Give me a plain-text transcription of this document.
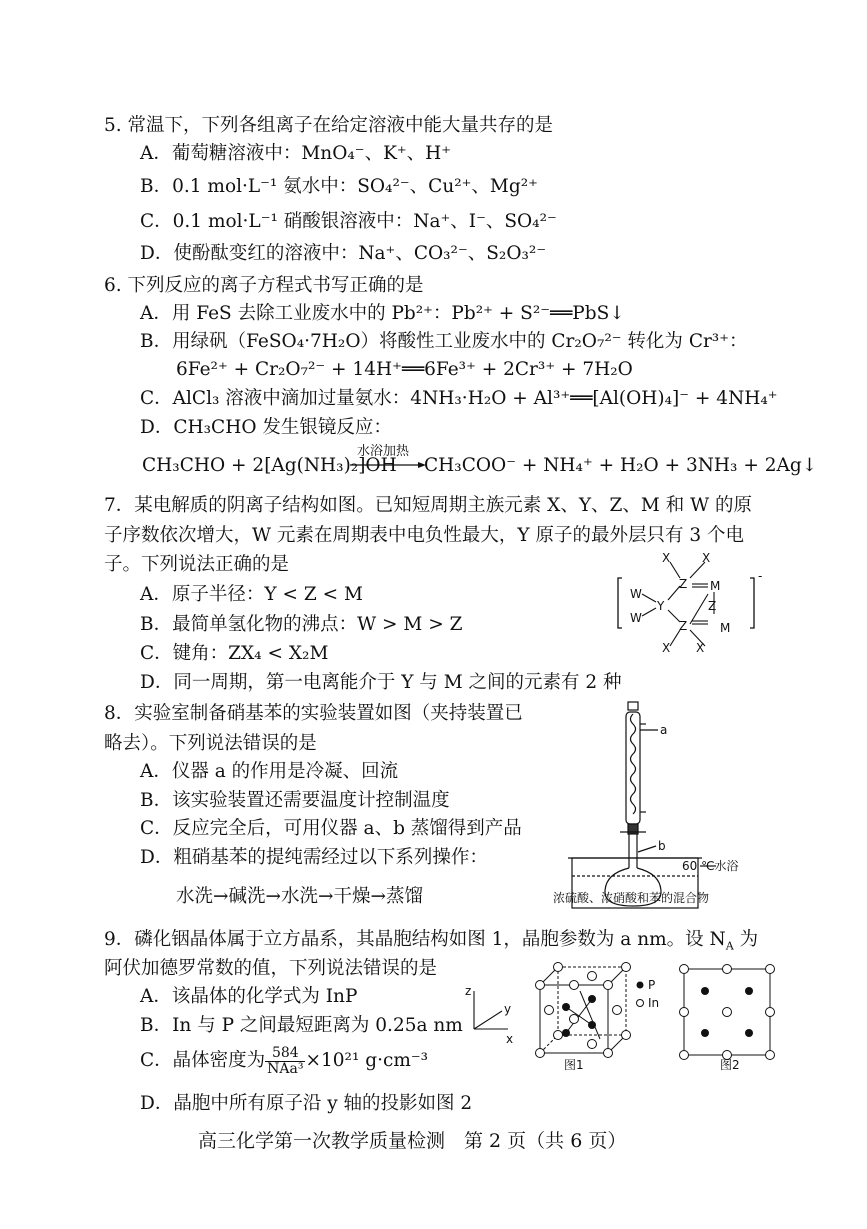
5. 常温下，下列各组离子在给定溶液中能大量共存的是
A．葡萄糖溶液中：MnO₄⁻、K⁺、H⁺
B．0.1 mol·L⁻¹ 氨水中：SO₄²⁻、Cu²⁺、Mg²⁺
C．0.1 mol·L⁻¹ 硝酸银溶液中：Na⁺、I⁻、SO₄²⁻
D．使酚酞变红的溶液中：Na⁺、CO₃²⁻、S₂O₃²⁻
6. 下列反应的离子方程式书写正确的是
A．用 FeS 去除工业废水中的 Pb²⁺：Pb²⁺ + S²⁻══PbS↓
B．用绿矾（FeSO₄·7H₂O）将酸性工业废水中的 Cr₂O₇²⁻ 转化为 Cr³⁺：
6Fe²⁺ + Cr₂O₇²⁻ + 14H⁺══6Fe³⁺ + 2Cr³⁺ + 7H₂O
C．AlCl₃ 溶液中滴加过量氨水：4NH₃·H₂O + Al³⁺══[Al(OH)₄]⁻ + 4NH₄⁺
D．CH₃CHO 发生银镜反应：
CH₃CHO + 2[Ag(NH₃)₂]OH
水浴加热
CH₃COO⁻ + NH₄⁺ + H₂O + 3NH₃ + 2Ag↓
7．某电解质的阴离子结构如图。已知短周期主族元素 X、Y、Z、M 和 W 的原
子序数依次增大，W 元素在周期表中电负性最大，Y 原子的最外层只有 3 个电
子。下列说法正确的是
A．原子半径：Y < Z < M
B．最简单氢化物的沸点：W > M > Z
C．键角：ZX₄ < X₂M
D．同一周期，第一电离能介于 Y 与 M 之间的元素有 2 种
-
X	X
Z M
W
Y
W
Z
Z	M
X X
8．实验室制备硝基苯的实验装置如图（夹持装置已
略去）。下列说法错误的是
A．仪器 a 的作用是冷凝、回流
B．该实验装置还需要温度计控制温度
C．反应完全后，可用仪器 a、b 蒸馏得到产品
D．粗硝基苯的提纯需经过以下系列操作：
水洗→碱洗→水洗→干燥→蒸馏
a
b
60 ℃水浴
浓硫酸、浓硝酸和苯的混合物
9．磷化铟晶体属于立方晶系，其晶胞结构如图 1，晶胞参数为 a nm。设 $N_A$ 为
阿伏加德罗常数的值，下列说法错误的是
A．该晶体的化学式为 InP
B．In 与 P 之间最短距离为 0.25a nm
C．晶体密度为 $\frac{584}{\text{NAa³}} \times 10^{21}$ g·cm⁻³
D．晶胞中所有原子沿 y 轴的投影如图 2
z
y
x
P
In
图1	图2
高三化学第一次教学质量检测　第 2 页（共 6 页）
